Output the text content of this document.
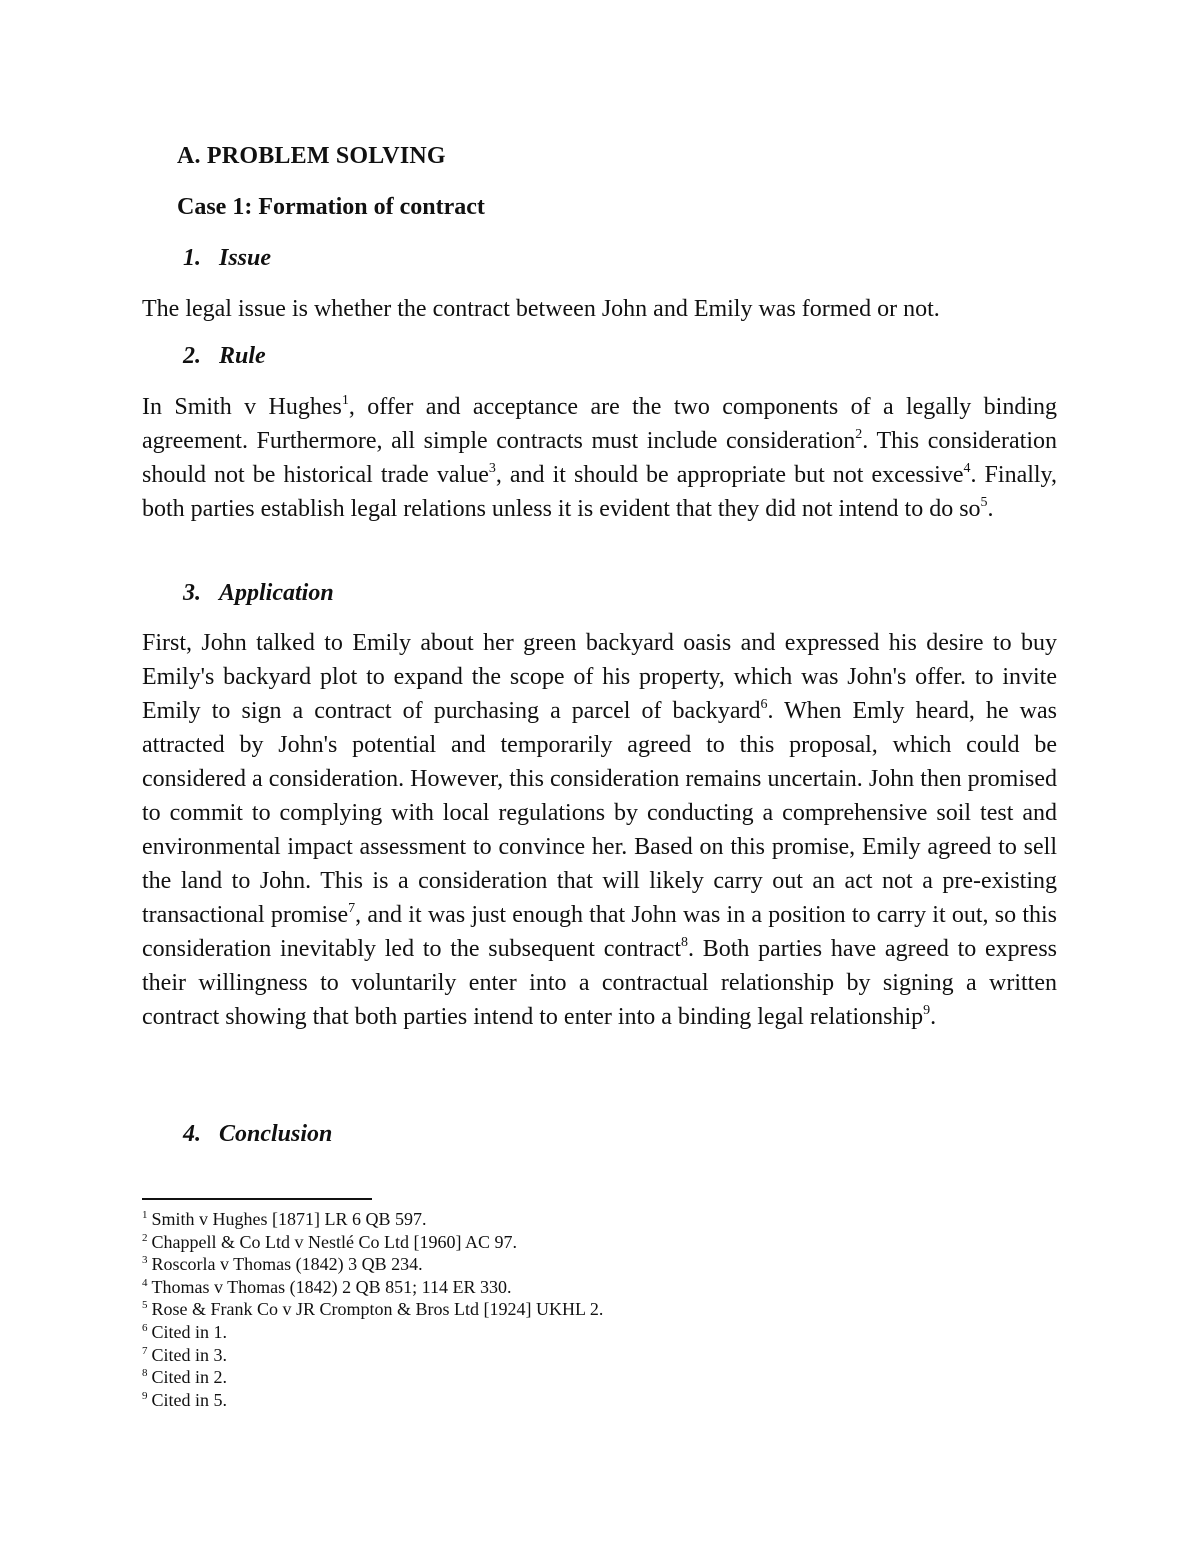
A. PROBLEM SOLVING
Case 1: Formation of contract
1. Issue
The legal issue is whether the contract between John and Emily was formed or not.
2. Rule
In Smith v Hughes$^1$, offer and acceptance are the two components of a legally binding agreement. Furthermore, all simple contracts must include consideration$^2$. This consideration should not be historical trade value$^3$, and it should be appropriate but not excessive$^4$. Finally, both parties establish legal relations unless it is evident that they did not intend to do $so^5$.
3. Application
First, John talked to Emily about her green backyard oasis and expressed his desire to buy Emily's backyard plot to expand the scope of his property, which was John's offer. to invite Emily to sign a contract of purchasing a parcel of backyard$^6$. When Emly heard, he was attracted by John's potential and temporarily agreed to this proposal, which could be considered a consideration. However, this consideration remains uncertain. John then promised to commit to complying with local regulations by conducting a comprehensive soil test and environmental impact assessment to convince her. Based on this promise, Emily agreed to sell the land to John. This is a consideration that will likely carry out an act not a pre-existing transactional promise$^7$, and it was just enough that John was in a position to carry it out, so this consideration inevitably led to the subsequent contract$^8$. Both parties have agreed to express their willingness to voluntarily enter into a contractual relationship by signing a written contract showing that both parties intend to enter into a binding legal relationship$^9$.
4. Conclusion
$^1$ Smith v Hughes [1871] LR 6 QB 597.
$^2$ Chappell & Co Ltd v Nestlé Co Ltd [1960] AC 97.
$^3$ Roscorla v Thomas (1842) 3 QB 234.
$^4$ Thomas v Thomas (1842) 2 QB 851; 114 ER 330.
$^5$ Rose & Frank Co v JR Crompton & Bros Ltd [1924] UKHL 2.
$^6$ Cited in 1.
$^7$ Cited in 3.
$^8$ Cited in 2.
$^9$ Cited in 5.
